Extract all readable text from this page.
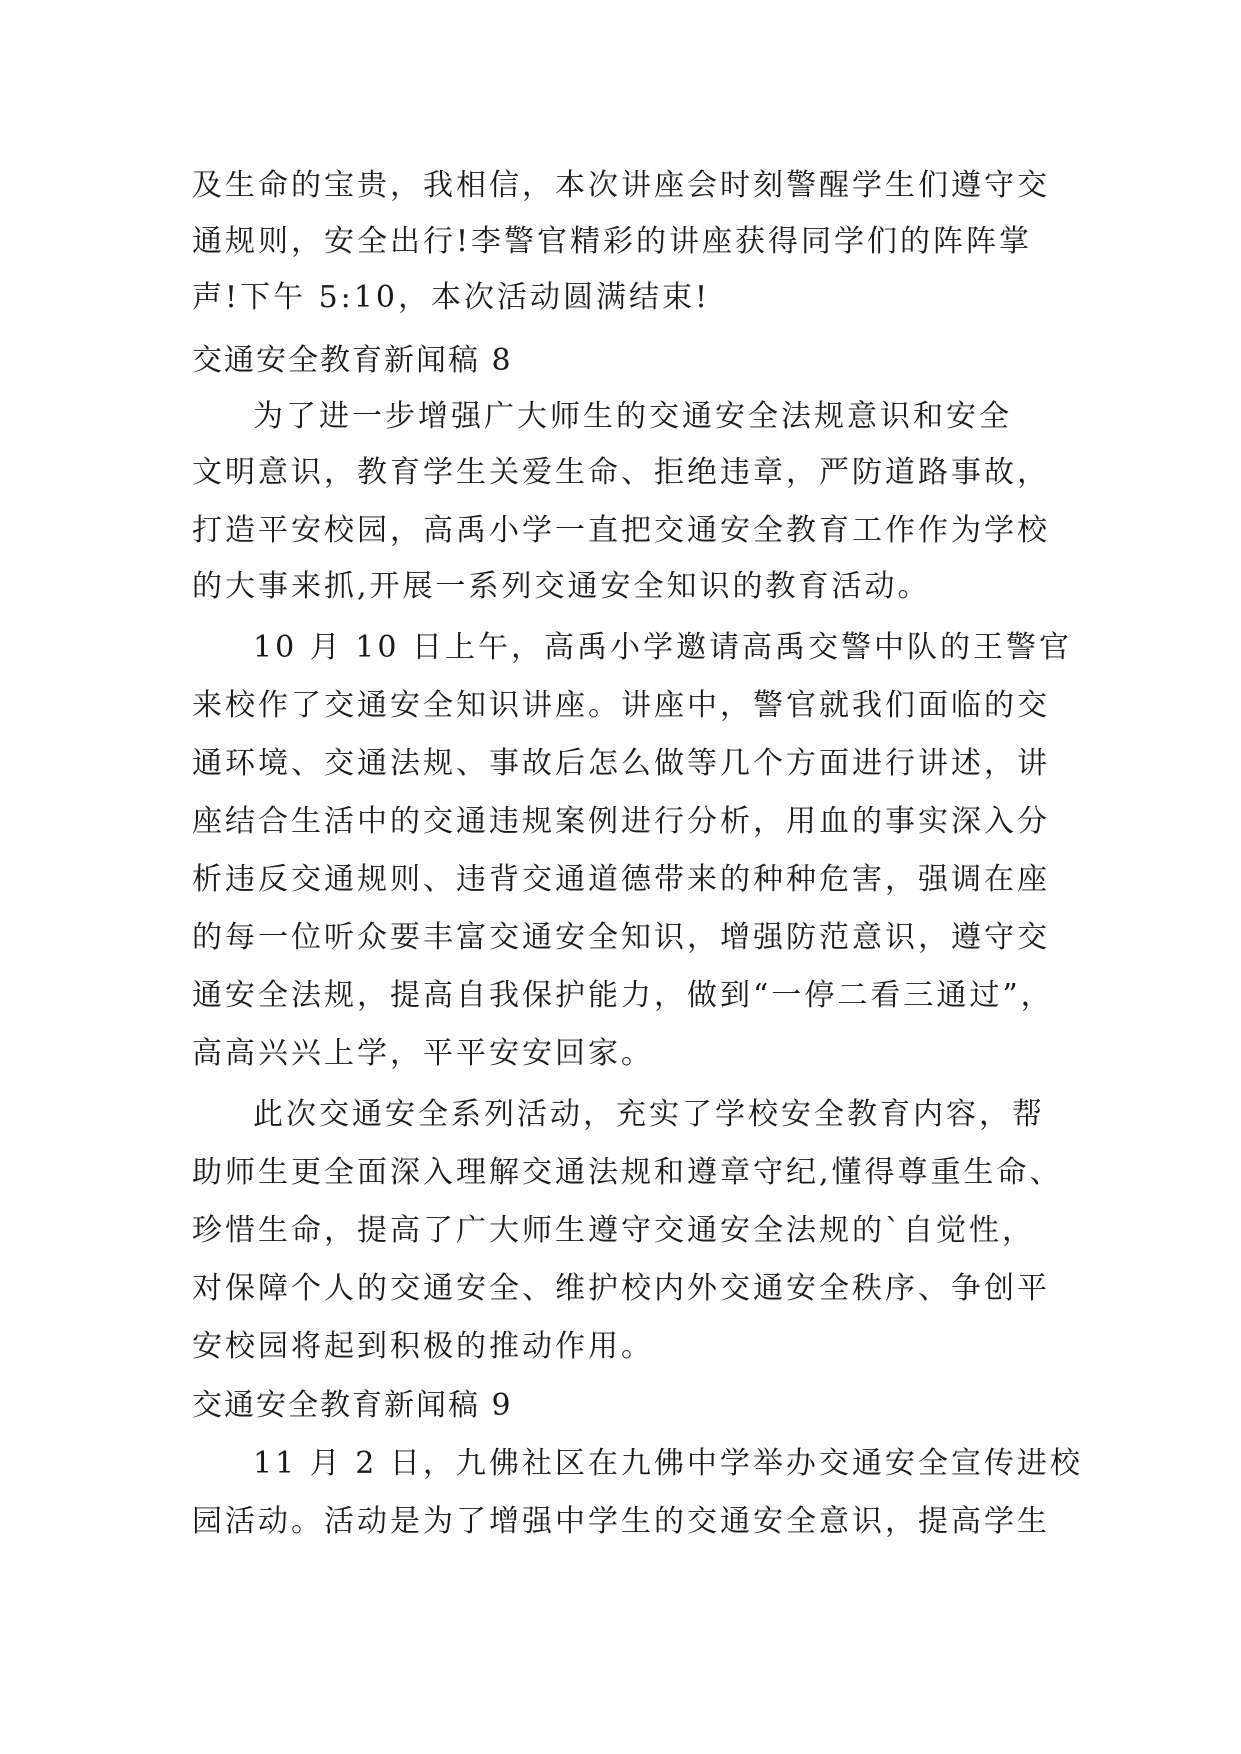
及生命的宝贵，我相信，本次讲座会时刻警醒学生们遵守交
通规则，安全出行!李警官精彩的讲座获得同学们的阵阵掌
声!下午 5:10，本次活动圆满结束!
交通安全教育新闻稿 8
为了进一步增强广大师生的交通安全法规意识和安全
文明意识，教育学生关爱生命、拒绝违章，严防道路事故，
打造平安校园，高禹小学一直把交通安全教育工作作为学校
的大事来抓,开展一系列交通安全知识的教育活动。
10 月 10 日上午，高禹小学邀请高禹交警中队的王警官
来校作了交通安全知识讲座。讲座中，警官就我们面临的交
通环境、交通法规、事故后怎么做等几个方面进行讲述，讲
座结合生活中的交通违规案例进行分析，用血的事实深入分
析违反交通规则、违背交通道德带来的种种危害，强调在座
的每一位听众要丰富交通安全知识，增强防范意识，遵守交
通安全法规，提高自我保护能力，做到“一停二看三通过”，
高高兴兴上学，平平安安回家。
此次交通安全系列活动，充实了学校安全教育内容，帮
助师生更全面深入理解交通法规和遵章守纪,懂得尊重生命、
珍惜生命，提高了广大师生遵守交通安全法规的`自觉性，
对保障个人的交通安全、维护校内外交通安全秩序、争创平
安校园将起到积极的推动作用。
交通安全教育新闻稿 9
11 月 2 日，九佛社区在九佛中学举办交通安全宣传进校
园活动。活动是为了增强中学生的交通安全意识，提高学生
